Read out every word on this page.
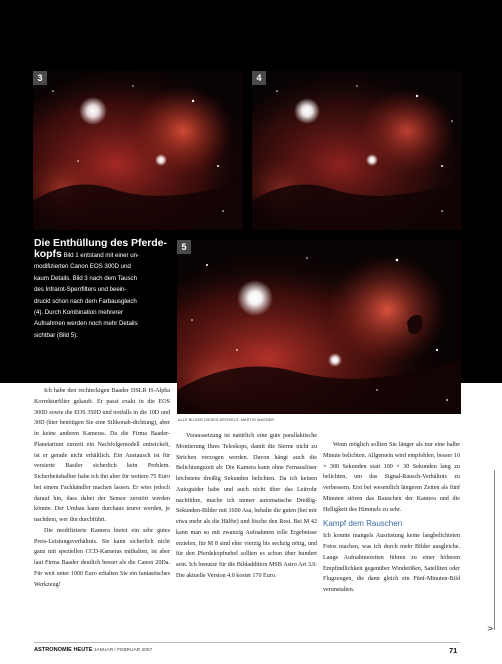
3	4
5
Die Enthüllung des Pferde-
kopfs Bild 1 entstand mit einer un-
modifizierten Canon EOS 300D und
kaum Details. Bild 3 nach dem Tausch
des Infrarot-Sperrfilters und beein-
druckt schon nach dem Farbausgleich
(4). Durch Kombination mehrerer
Aufnahmen werden noch mehr Details
sichtbar (Bild 5).
ALLE BILDER DIESES ARTIKELS: MARTIN WAGNER

Ich habe den rechteckigen Baader DSLR H-Alpha Korrekturfilter gekauft. Er passt exakt in die EOS 300D sowie die EOS 350D und notfalls in die 10D und 30D (hier benötigen Sie eine Silikonab-dichtung), aber in keine anderen Kameras. Da die Firma Baader-Planetarium zurzeit ein Nachfolgemodell entwickelt, ist er gerade nicht erhältlich. Ein Austausch ist für versierte Bastler sicherlich kein Problem. Sicherheitshalber habe ich ihn aber für weitere 75 Euro bei einem Fachhändler machen lassen. Er wies jedoch darauf hin, dass dabei der Sensor zerstört werden könnte. Der Umbau kann durchaus teurer werden, je nachdem, wer ihn durchführt.

Die modifizierte Kamera bietet ein sehr gutes Preis-Leistungsverhältnis. Sie kann sicherlich nicht ganz mit speziellen CCD-Kameras mithalten, ist aber laut Firma Baader deutlich besser als die Canon 20Da. Für weit unter 1000 Euro erhalten Sie ein fantastisches Werkzeug!

Voraussetzung ist natürlich eine gute parallaktische Montierung Ihres Teleskops, damit die Sterne nicht zu Strichen verzogen werden. Davon hängt auch die Belichtungszeit ab: Die Kamera kann ohne Fernauslöser höchstens dreißig Sekunden belichten. Da ich keinen Autoguider habe und auch nicht über das Leitrohr nachführe, mache ich immer automatische Dreißig-Sekunden-Bilder mit 1600 Asa, behalte die guten (bei mir etwa mehr als die Hälfte) und lösche den Rest. Bei M 42 kann man so mit zwanzig Aufnahmen tolle Ergebnisse erzielen, für M 8 sind eher vierzig bis sechzig nötig, und für den Pferdekopfnebel sollten es schon über hundert sein. Ich benutze für die Bildaddition MSB Astro Art 3.0. Die aktuelle Version 4.0 kostet 170 Euro.

Wenn möglich sollten Sie länger als nur eine halbe Minute belichten. Allgemein wird empfohlen, besser 10 × 300 Sekunden statt 100 × 30 Sekunden lang zu belichten, um das Signal-Rausch-Verhältnis zu verbessern. Erst bei wesentlich längeren Zeiten als fünf Minuten stören das Rauschen der Kamera und die Helligkeit des Himmels zu sehr.

Kampf dem Rauschen

Ich konnte mangels Ausrüstung keine langbelichteten Fotos machen, was ich durch mehr Bilder ausgleiche. Lange Aufnahmezeiten führen zu einer höheren Empfindlichkeit gegenüber Windstößen, Satelliten oder Flugzeugen, die dann gleich ein Fünf-Minuten-Bild verunstalten.

>
ASTRONOMIE HEUTE JANUAR / FEBRUAR 2007	71
